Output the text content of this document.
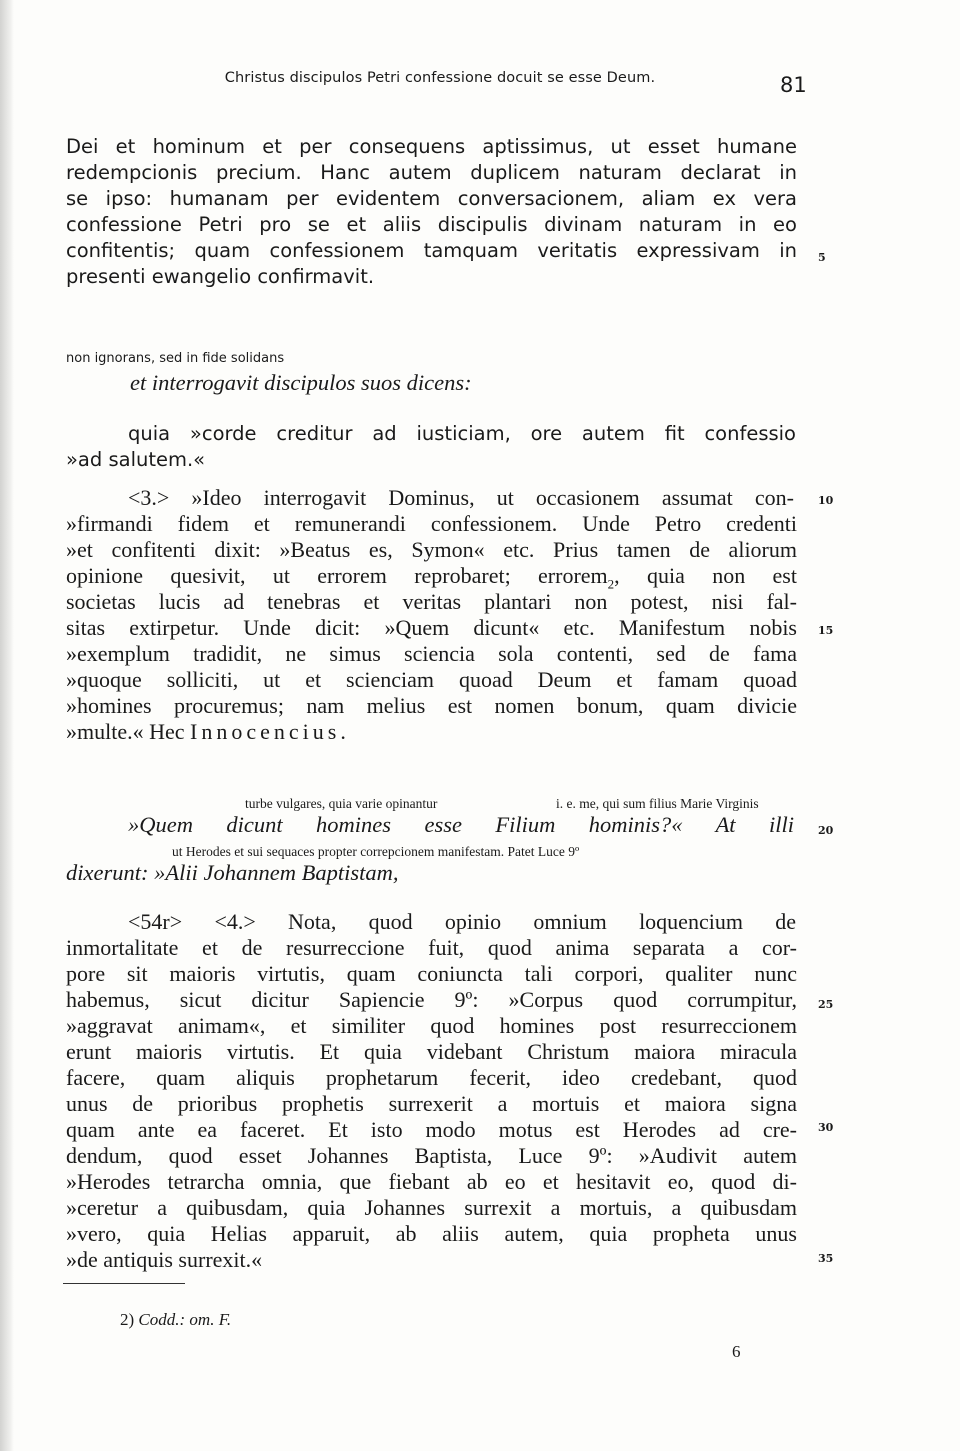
Christus discipulos Petri confessione docuit se esse Deum.	81
Dei et hominum et per consequens aptissimus, ut esset humane
redempcionis precium. Hanc autem duplicem naturam declarat in
se ipso: humanam per evidentem conversacionem, aliam ex vera
confessione Petri pro se et aliis discipulis divinam naturam in eo
confitentis; quam confessionem tamquam veritatis expressivam in
presenti ewangelio confirmavit.
5
non ignorans, sed in fide solidans
et interrogavit discipulos suos dicens:
quia »corde creditur ad iusticiam, ore autem fit confessio
»ad salutem.«
<3.> »Ideo interrogavit Dominus, ut occasionem assumat con-
»firmandi fidem et remunerandi confessionem. Unde Petro credenti
»et confitenti dixit: »Beatus es, Symon« etc. Prius tamen de aliorum
opinione quesivit, ut errorem reprobaret; errorem$_2$, quia non est
societas lucis ad tenebras et veritas plantari non potest, nisi fal-
sitas extirpetur. Unde dicit: »Quem dicunt« etc. Manifestum nobis
»exemplum tradidit, ne simus sciencia sola contenti, sed de fama
»quoque solliciti, ut et scienciam quoad Deum et famam quoad
»homines procuremus; nam melius est nomen bonum, quam divicie
»multe.« Hec Innocencius.
10
15
turbe vulgares, quia varie opinantur	i. e. me, qui sum filius Marie Virginis
»Quem dicunt homines esse Filium hominis?« At illi 20
ut Herodes et sui sequaces propter correpcionem manifestam. Patet Luce 9º
dixerunt: »Alii Johannem Baptistam,
<54r> <4.> Nota, quod opinio omnium loquencium de
inmortalitate et de resurreccione fuit, quod anima separata a cor-
pore sit maioris virtutis, quam coniuncta tali corpori, qualiter nunc
habemus, sicut dicitur Sapiencie 9º: »Corpus quod corrumpitur,
»aggravat animam«, et similiter quod homines post resurreccionem
erunt maioris virtutis. Et quia videbant Christum maiora miracula
facere, quam aliquis prophetarum fecerit, ideo credebant, quod
unus de prioribus prophetis surrexerit a mortuis et maiora signa
quam ante ea faceret. Et isto modo motus est Herodes ad cre-
dendum, quod esset Johannes Baptista, Luce 9º: »Audivit autem
»Herodes tetrarcha omnia, que fiebant ab eo et hesitavit eo, quod di-
»ceretur a quibusdam, quia Johannes surrexit a mortuis, a quibusdam
»vero, quia Helias apparuit, ab aliis autem, quia propheta unus
»de antiquis surrexit.«
25
30
35
2) Codd.: om. F.
6
